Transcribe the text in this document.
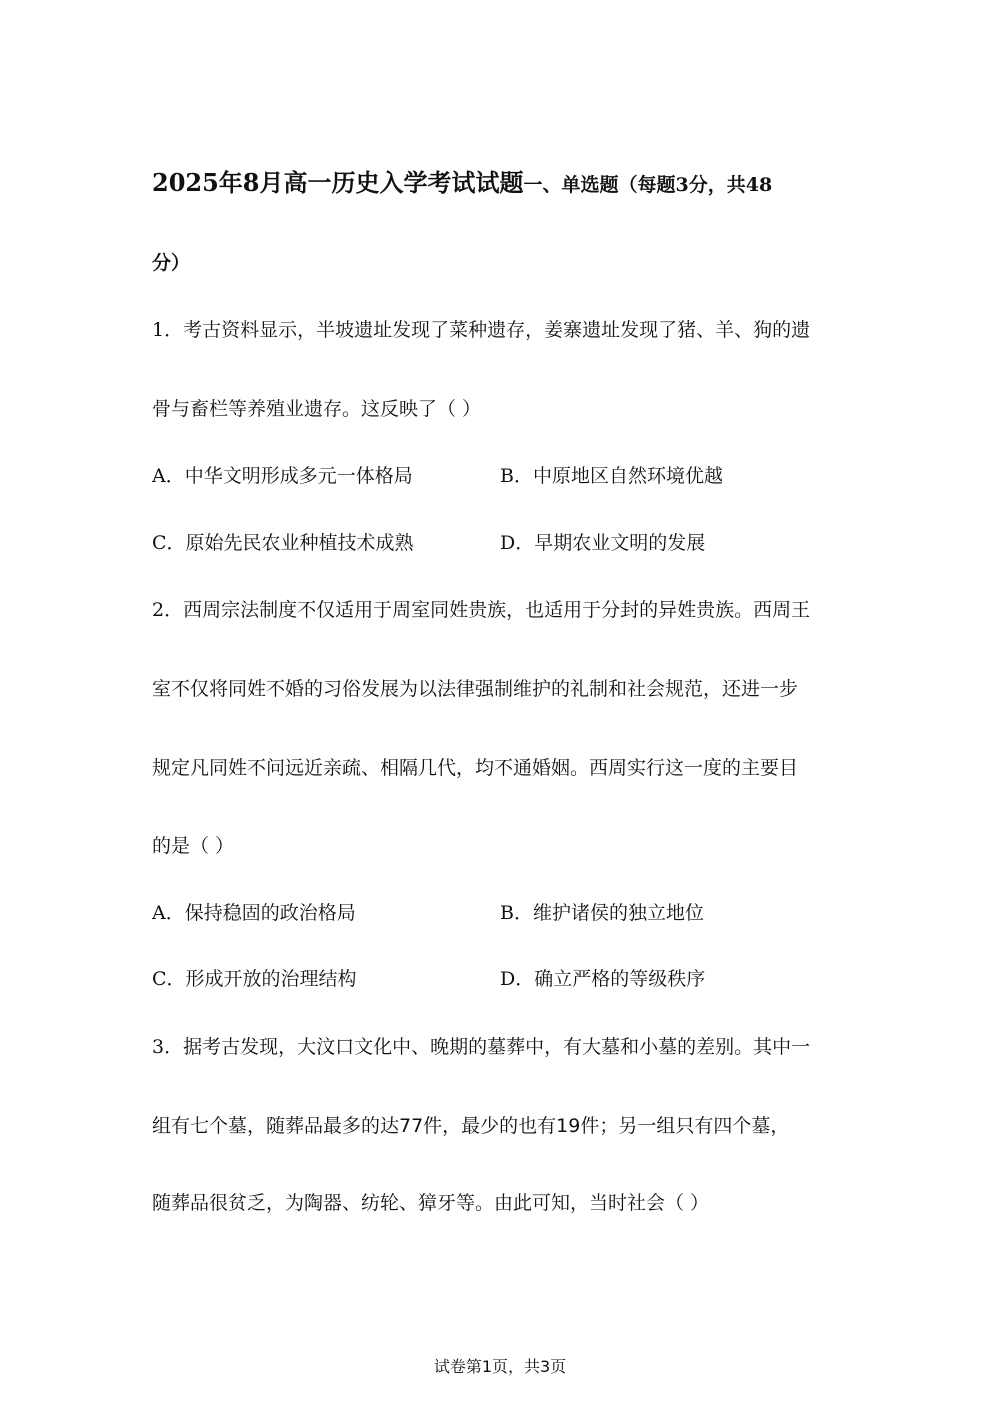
2025年8月高一历史入学考试试题一、单选题（每题3分，共48
分）
1．考古资料显示，半坡遗址发现了菜种遗存，姜寨遗址发现了猪、羊、狗的遗
骨与畜栏等养殖业遗存。这反映了（ ）
A．中华文明形成多元一体格局	B．中原地区自然环境优越
C．原始先民农业种植技术成熟	D．早期农业文明的发展
2．西周宗法制度不仅适用于周室同姓贵族，也适用于分封的异姓贵族。西周王
室不仅将同姓不婚的习俗发展为以法律强制维护的礼制和社会规范，还进一步
规定凡同姓不问远近亲疏、相隔几代，均不通婚姻。西周实行这一度的主要目
的是（ ）
A．保持稳固的政治格局	B．维护诸侯的独立地位
C．形成开放的治理结构	D．确立严格的等级秩序
3．据考古发现，大汶口文化中、晚期的墓葬中，有大墓和小墓的差别。其中一
组有七个墓，随葬品最多的达77件，最少的也有19件；另一组只有四个墓，
随葬品很贫乏，为陶器、纺轮、獐牙等。由此可知，当时社会（ ）
试卷第1页，共3页
